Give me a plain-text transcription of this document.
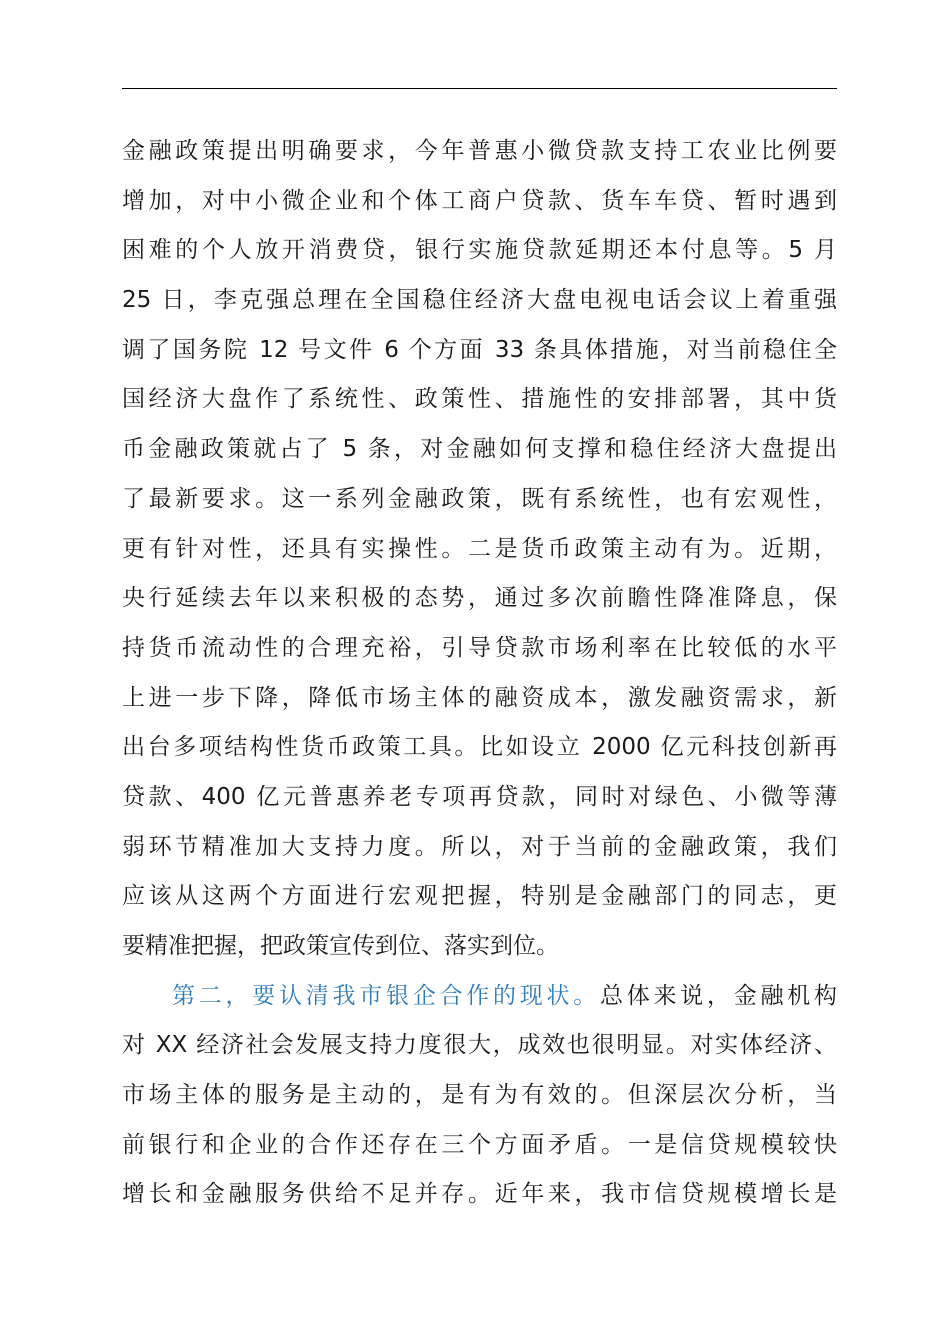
金融政策提出明确要求，今年普惠小微贷款支持工农业比例要
增加，对中小微企业和个体工商户贷款、货车车贷、暂时遇到
困难的个人放开消费贷，银行实施贷款延期还本付息等。5 月
25 日，李克强总理在全国稳住经济大盘电视电话会议上着重强
调了国务院 12 号文件 6 个方面 33 条具体措施，对当前稳住全
国经济大盘作了系统性、政策性、措施性的安排部署，其中货
币金融政策就占了 5 条，对金融如何支撑和稳住经济大盘提出
了最新要求。这一系列金融政策，既有系统性，也有宏观性，
更有针对性，还具有实操性。二是货币政策主动有为。近期，
央行延续去年以来积极的态势，通过多次前瞻性降准降息，保
持货币流动性的合理充裕，引导贷款市场利率在比较低的水平
上进一步下降，降低市场主体的融资成本，激发融资需求，新
出台多项结构性货币政策工具。比如设立 2000 亿元科技创新再
贷款、400 亿元普惠养老专项再贷款，同时对绿色、小微等薄
弱环节精准加大支持力度。所以，对于当前的金融政策，我们
应该从这两个方面进行宏观把握，特别是金融部门的同志，更
要精准把握，把政策宣传到位、落实到位。
第二，要认清我市银企合作的现状。总体来说，金融机构
对 XX 经济社会发展支持力度很大，成效也很明显。对实体经济、
市场主体的服务是主动的，是有为有效的。但深层次分析，当
前银行和企业的合作还存在三个方面矛盾。一是信贷规模较快
增长和金融服务供给不足并存。近年来，我市信贷规模增长是
